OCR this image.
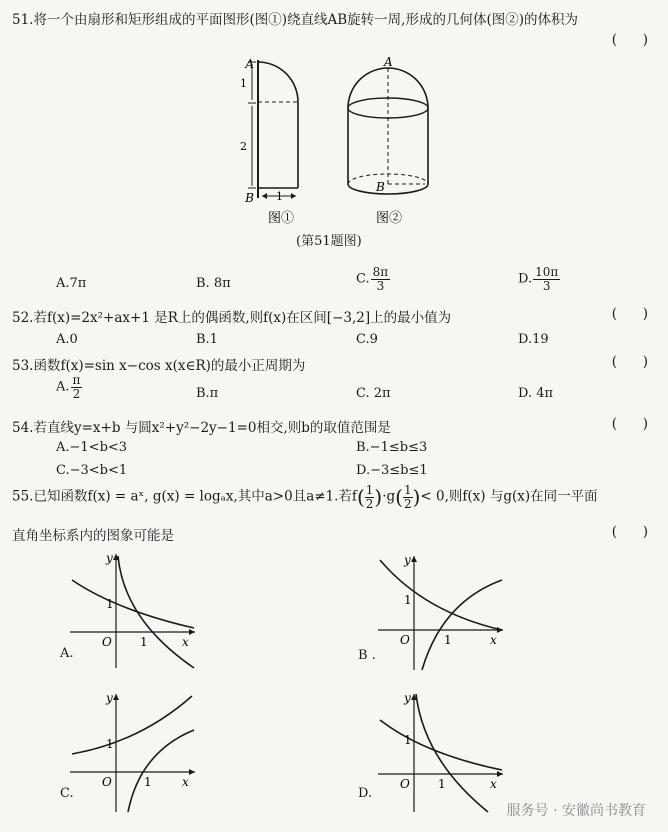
51.将一个由扇形和矩形组成的平面图形(图①)绕直线AB旋转一周,形成的几何体(图②)的体积为
(      )
A
B
1
2
1
A
B
图①	图②
(第51题图)
A.7π	B. 8π	C. $\frac{8\pi}{3}$	D. $\frac{10\pi}{3}$
52.若f(x)=2x²+ax+1 是R上的偶函数,则f(x)在区间[−3,2]上的最小值为	(      )
A.0	B.1	C.9	D.19
53.函数f(x)=sin x−cos x(x∈R)的最小正周期为	(      )
A. $\frac{\pi}{2}$	B.π	C. 2π	D. 4π
54.若直线y=x+b 与圆x²+y²−2y−1=0相交,则b的取值范围是	(      )
A.−1<b<3	B.−1≤b≤3
C.−3<b<1	D.−3≤b≤1
55.已知函数f(x) = aˣ, g(x) = logₐx,其中a>0且a≠1.若$f( \frac{1}{2})\cdot g( \frac{1}{2})< 0$,则f(x) 与g(x)在同一平面
直角坐标系内的图象可能是	(      )
y
x
O
1
1
A.
y
x
O
1
1
B .
y
x
O
1
1
C.
y
x
O
1
1
D.
服务号 · 安徽尚书教育
